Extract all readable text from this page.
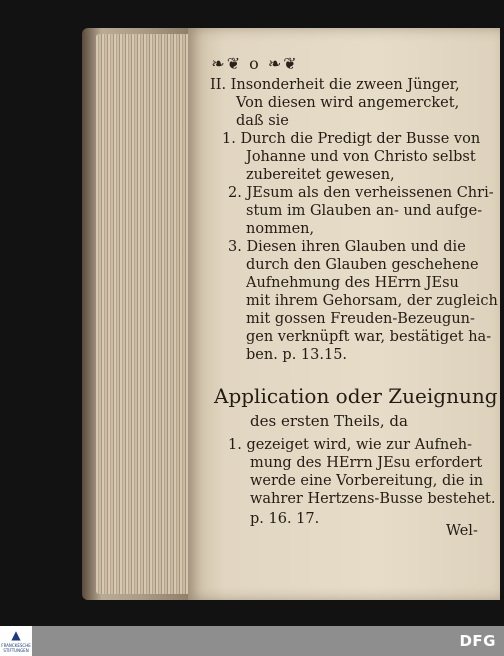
❧❦ o ❧❦
II. Insonderheit die zween Jünger,
Von diesen wird angemercket,
daß sie
1. Durch die Predigt der Busse von
Johanne und von Christo selbst
zubereitet gewesen,
2. JEsum als den verheissenen Chri-
stum im Glauben an- und aufge-
nommen,
3. Diesen ihren Glauben und die
durch den Glauben geschehene
Aufnehmung des HErrn JEsu
mit ihrem Gehorsam, der zugleich
mit gossen Freuden-Bezeugun-
gen verknüpft war, bestätiget ha-
ben. p. 13.15.
Application oder Zueignung
des ersten Theils, da
1. gezeiget wird, wie zur Aufneh-
mung des HErrn JEsu erfordert
werde eine Vorbereitung, die in
wahrer Hertzens-Busse bestehet.
p. 16. 17.
Wel-
▲
FRANCKESCHE
STIFTUNGEN
DFG
